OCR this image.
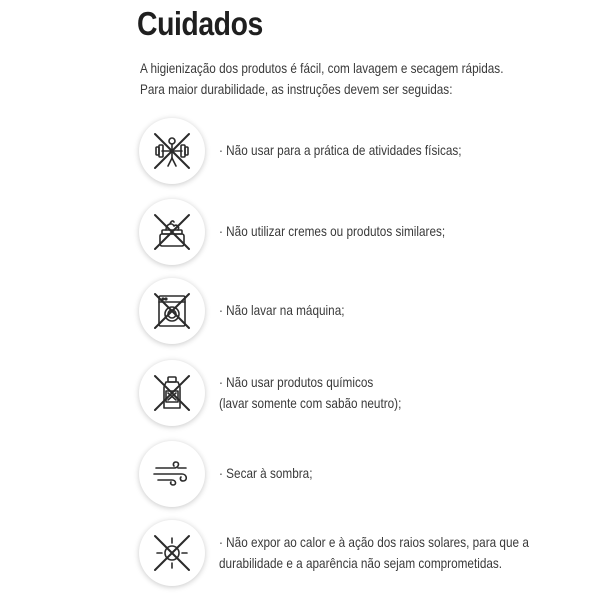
Cuidados
A higienização dos produtos é fácil, com lavagem e secagem rápidas.
Para maior durabilidade, as instruções devem ser seguidas:
· Não usar para a prática de atividades físicas;
· Não utilizar cremes ou produtos similares;
· Não lavar na máquina;
· Não usar produtos químicos
(lavar somente com sabão neutro);
· Secar à sombra;
· Não expor ao calor e à ação dos raios solares, para que a
durabilidade e a aparência não sejam comprometidas.
